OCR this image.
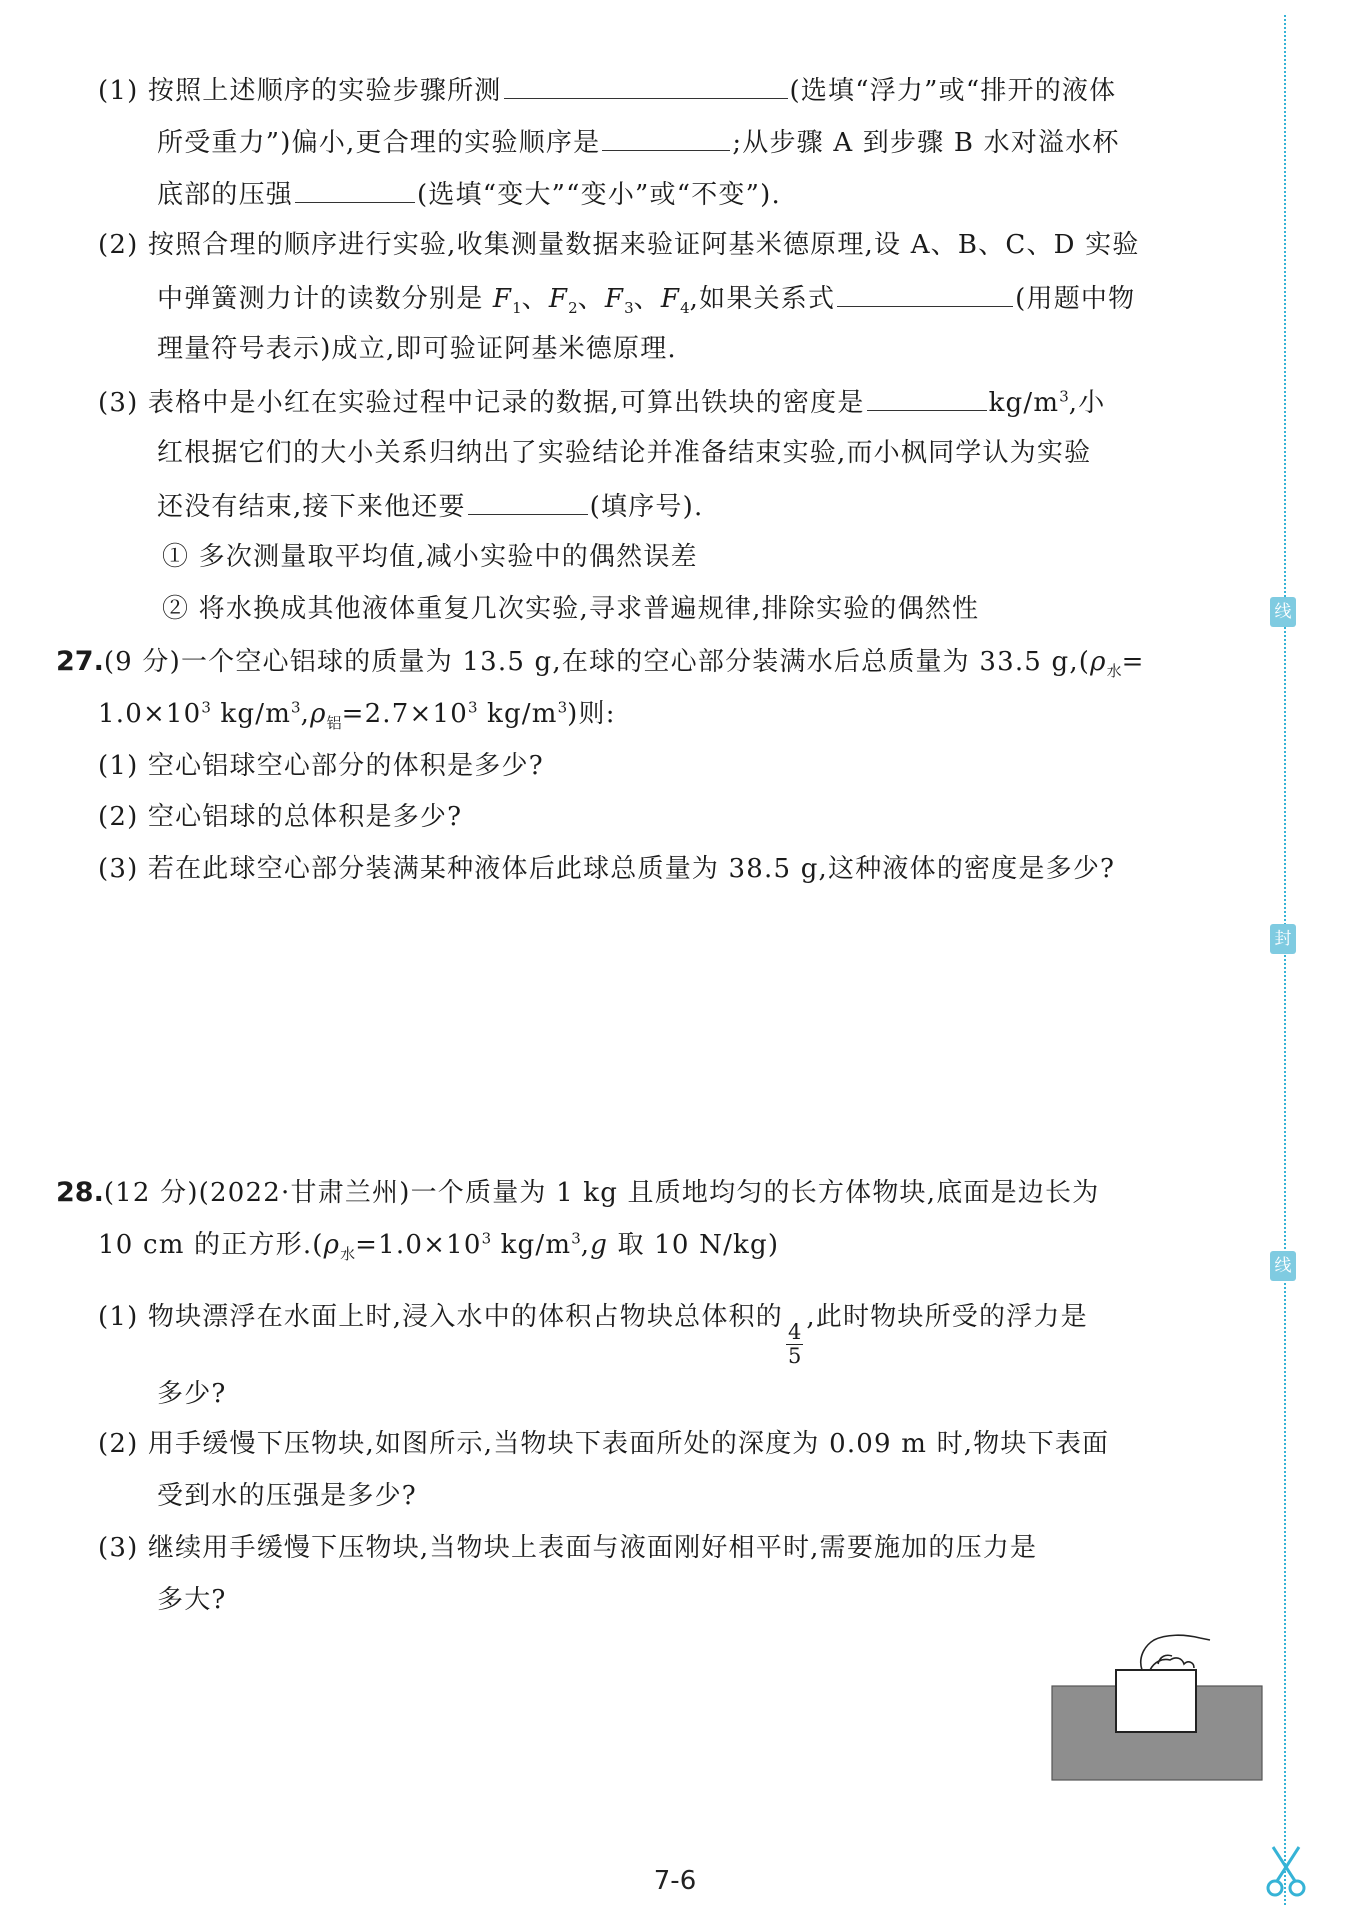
线
封
线
(1) 按照上述顺序的实验步骤所测	(选填“浮力”或“排开的液体
所受重力”)偏小,更合理的实验顺序是	;从步骤 A 到步骤 B 水对溢水杯
底部的压强	(选填“变大”“变小”或“不变”).
(2) 按照合理的顺序进行实验,收集测量数据来验证阿基米德原理,设 A、B、C、D 实验
中弹簧测力计的读数分别是 $F_1$、$F_2$、$F_3$、$F_4$,如果关系式	(用题中物
理量符号表示)成立,即可验证阿基米德原理.
(3) 表格中是小红在实验过程中记录的数据,可算出铁块的密度是	$kg/m^3$,小
红根据它们的大小关系归纳出了实验结论并准备结束实验,而小枫同学认为实验
还没有结束,接下来他还要	(填序号).
① 多次测量取平均值,减小实验中的偶然误差
② 将水换成其他液体重复几次实验,寻求普遍规律,排除实验的偶然性
27.(9 分)一个空心铝球的质量为 13.5 g,在球的空心部分装满水后总质量为 33.5 $g,(\rho_水=$
$1.0\times 10^3$ $kg/m^3,\rho_铝=2.7\times 10^3$ $kg/m^3$)则:
(1) 空心铝球空心部分的体积是多少?
(2) 空心铝球的总体积是多少?
(3) 若在此球空心部分装满某种液体后此球总质量为 38.5 g,这种液体的密度是多少?
28.(12 分)(2022·甘肃兰州)一个质量为 1 kg 且质地均匀的长方体物块,底面是边长为
10 cm 的正方形$.(\rho_水=1.0\times 10^3$ $kg/m^3,g$ 取 10 N/kg)
(1) 物块漂浮在水面上时,浸入水中的体积占物块总体积的
$\frac{4}{5}$
,此时物块所受的浮力是
多少?
(2) 用手缓慢下压物块,如图所示,当物块下表面所处的深度为 0.09 m 时,物块下表面
受到水的压强是多少?
(3) 继续用手缓慢下压物块,当物块上表面与液面刚好相平时,需要施加的压力是
多大?
7-6
